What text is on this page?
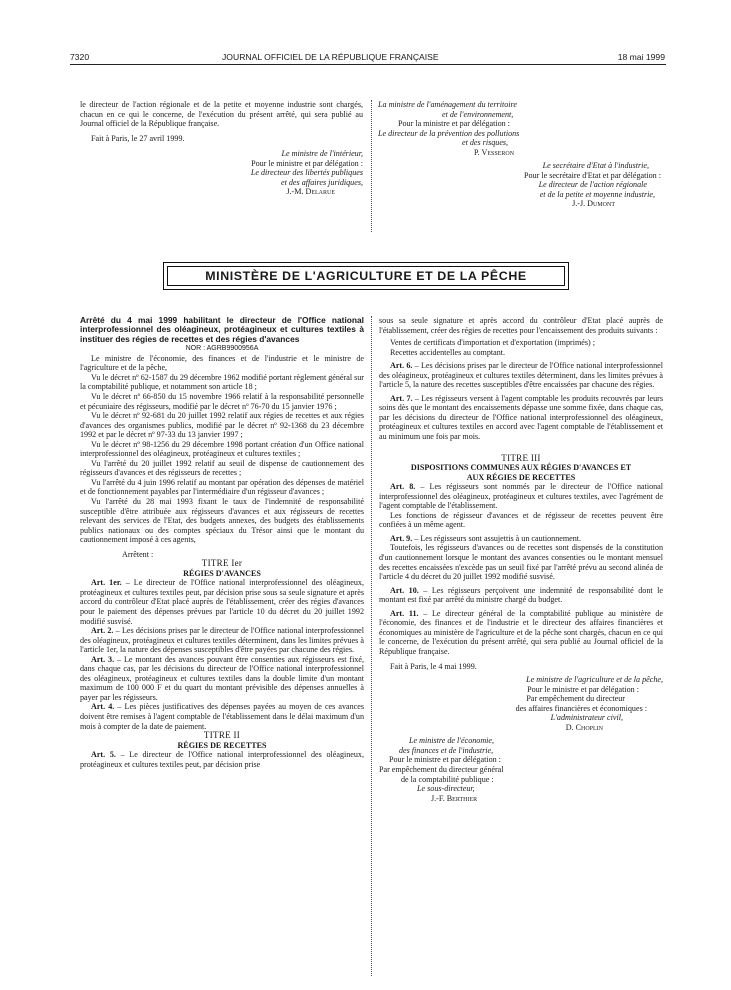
7320	JOURNAL OFFICIEL DE LA RÉPUBLIQUE FRANÇAISE	18 mai 1999

le directeur de l'action régionale et de la petite et moyenne industrie sont chargés, chacun en ce qui le concerne, de l'exécution du présent arrêté, qui sera publié au Journal officiel de la République française.

Fait à Paris, le 27 avril 1999.

Le ministre de l'intérieur,
Pour le ministre et par délégation :
Le directeur des libertés publiques
et des affaires juridiques,
J.-M. Delarue
La ministre de l'aménagement du territoire
et de l'environnement,
Pour la ministre et par délégation :
Le directeur de la prévention des pollutions
et des risques,
P. Vesseron
Le secrétaire d'Etat à l'industrie,
Pour le secrétaire d'Etat et par délégation :
Le directeur de l'action régionale
et de la petite et moyenne industrie,
J.-J. Dumont
MINISTÈRE DE L'AGRICULTURE ET DE LA PÊCHE

Arrêté du 4 mai 1999 habilitant le directeur de l'Office national interprofessionnel des oléagineux, protéagineux et cultures textiles à instituer des régies de recettes et des régies d'avances

NOR : AGRB9900956A

Le ministre de l'économie, des finances et de l'industrie et le ministre de l'agriculture et de la pêche,

Vu le décret nº 62-1587 du 29 décembre 1962 modifié portant règlement général sur la comptabilité publique, et notamment son article 18 ;

Vu le décret nº 66-850 du 15 novembre 1966 relatif à la responsabilité personnelle et pécuniaire des régisseurs, modifié par le décret nº 76-70 du 15 janvier 1976 ;

Vu le décret nº 92-681 du 20 juillet 1992 relatif aux régies de recettes et aux régies d'avances des organismes publics, modifié par le décret nº 92-1368 du 23 décembre 1992 et par le décret nº 97-33 du 13 janvier 1997 ;

Vu le décret nº 98-1256 du 29 décembre 1998 portant création d'un Office national interprofessionnel des oléagineux, protéagineux et cultures textiles ;

Vu l'arrêté du 20 juillet 1992 relatif au seuil de dispense de cautionnement des régisseurs d'avances et des régisseurs de recettes ;

Vu l'arrêté du 4 juin 1996 relatif au montant par opération des dépenses de matériel et de fonctionnement payables par l'intermédiaire d'un régisseur d'avances ;

Vu l'arrêté du 28 mai 1993 fixant le taux de l'indemnité de responsabilité susceptible d'être attribuée aux régisseurs d'avances et aux régisseurs de recettes relevant des services de l'Etat, des budgets annexes, des budgets des établissements publics nationaux ou des comptes spéciaux du Trésor ainsi que le montant du cautionnement imposé à ces agents,

Arrêtent :

TITRE Ier

RÉGIES D'AVANCES

Art. 1er. – Le directeur de l'Office national interprofessionnel des oléagineux, protéagineux et cultures textiles peut, par décision prise sous sa seule signature et après accord du contrôleur d'Etat placé auprès de l'établissement, créer des régies d'avances pour le paiement des dépenses prévues par l'article 10 du décret du 20 juillet 1992 modifié susvisé.

Art. 2. – Les décisions prises par le directeur de l'Office national interprofessionnel des oléagineux, protéagineux et cultures textiles déterminent, dans les limites prévues à l'article 1er, la nature des dépenses susceptibles d'être payées par chacune des régies.

Art. 3. – Le montant des avances pouvant être consenties aux régisseurs est fixé, dans chaque cas, par les décisions du directeur de l'Office national interprofessionnel des oléagineux, protéagineux et cultures textiles dans la double limite d'un montant maximum de 100 000 F et du quart du montant prévisible des dépenses annuelles à payer par les régisseurs.

Art. 4. – Les pièces justificatives des dépenses payées au moyen de ces avances doivent être remises à l'agent comptable de l'établissement dans le délai maximum d'un mois à compter de la date de paiement.

TITRE II

RÉGIES DE RECETTES

Art. 5. – Le directeur de l'Office national interprofessionnel des oléagineux, protéagineux et cultures textiles peut, par décision prise

sous sa seule signature et après accord du contrôleur d'Etat placé auprès de l'établissement, créer des régies de recettes pour l'encaissement des produits suivants :

Ventes de certificats d'importation et d'exportation (imprimés) ;

Recettes accidentelles au comptant.

Art. 6. – Les décisions prises par le directeur de l'Office national interprofessionnel des oléagineux, protéagineux et cultures textiles déterminent, dans les limites prévues à l'article 5, la nature des recettes susceptibles d'être encaissées par chacune des régies.

Art. 7. – Les régisseurs versent à l'agent comptable les produits recouvrés par leurs soins dès que le montant des encaissements dépasse une somme fixée, dans chaque cas, par les décisions du directeur de l'Office national interprofessionnel des oléagineux, protéagineux et cultures textiles en accord avec l'agent comptable de l'établissement et au minimum une fois par mois.

TITRE III

DISPOSITIONS COMMUNES AUX RÉGIES D'AVANCES ET AUX RÉGIES DE RECETTES

Art. 8. – Les régisseurs sont nommés par le directeur de l'Office national interprofessionnel des oléagineux, protéagineux et cultures textiles, avec l'agrément de l'agent comptable de l'établissement.

Les fonctions de régisseur d'avances et de régisseur de recettes peuvent être confiées à un même agent.

Art. 9. – Les régisseurs sont assujettis à un cautionnement.

Toutefois, les régisseurs d'avances ou de recettes sont dispensés de la constitution d'un cautionnement lorsque le montant des avances consenties ou le montant mensuel des recettes encaissées n'excède pas un seuil fixé par l'arrêté prévu au second alinéa de l'article 4 du décret du 20 juillet 1992 modifié susvisé.

Art. 10. – Les régisseurs perçoivent une indemnité de responsabilité dont le montant est fixé par arrêté du ministre chargé du budget.

Art. 11. – Le directeur général de la comptabilité publique au ministère de l'économie, des finances et de l'industrie et le directeur des affaires financières et économiques au ministère de l'agriculture et de la pêche sont chargés, chacun en ce qui le concerne, de l'exécution du présent arrêté, qui sera publié au Journal officiel de la République française.

Fait à Paris, le 4 mai 1999.

Le ministre de l'agriculture et de la pêche,
Pour le ministre et par délégation :
Par empêchement du directeur
des affaires financières et économiques :
L'administrateur civil,
D. Choplin
Le ministre de l'économie,
des finances et de l'industrie,
Pour le ministre et par délégation :
Par empêchement du directeur général
de la comptabilité publique :
Le sous-directeur,
J.-F. Berthier
